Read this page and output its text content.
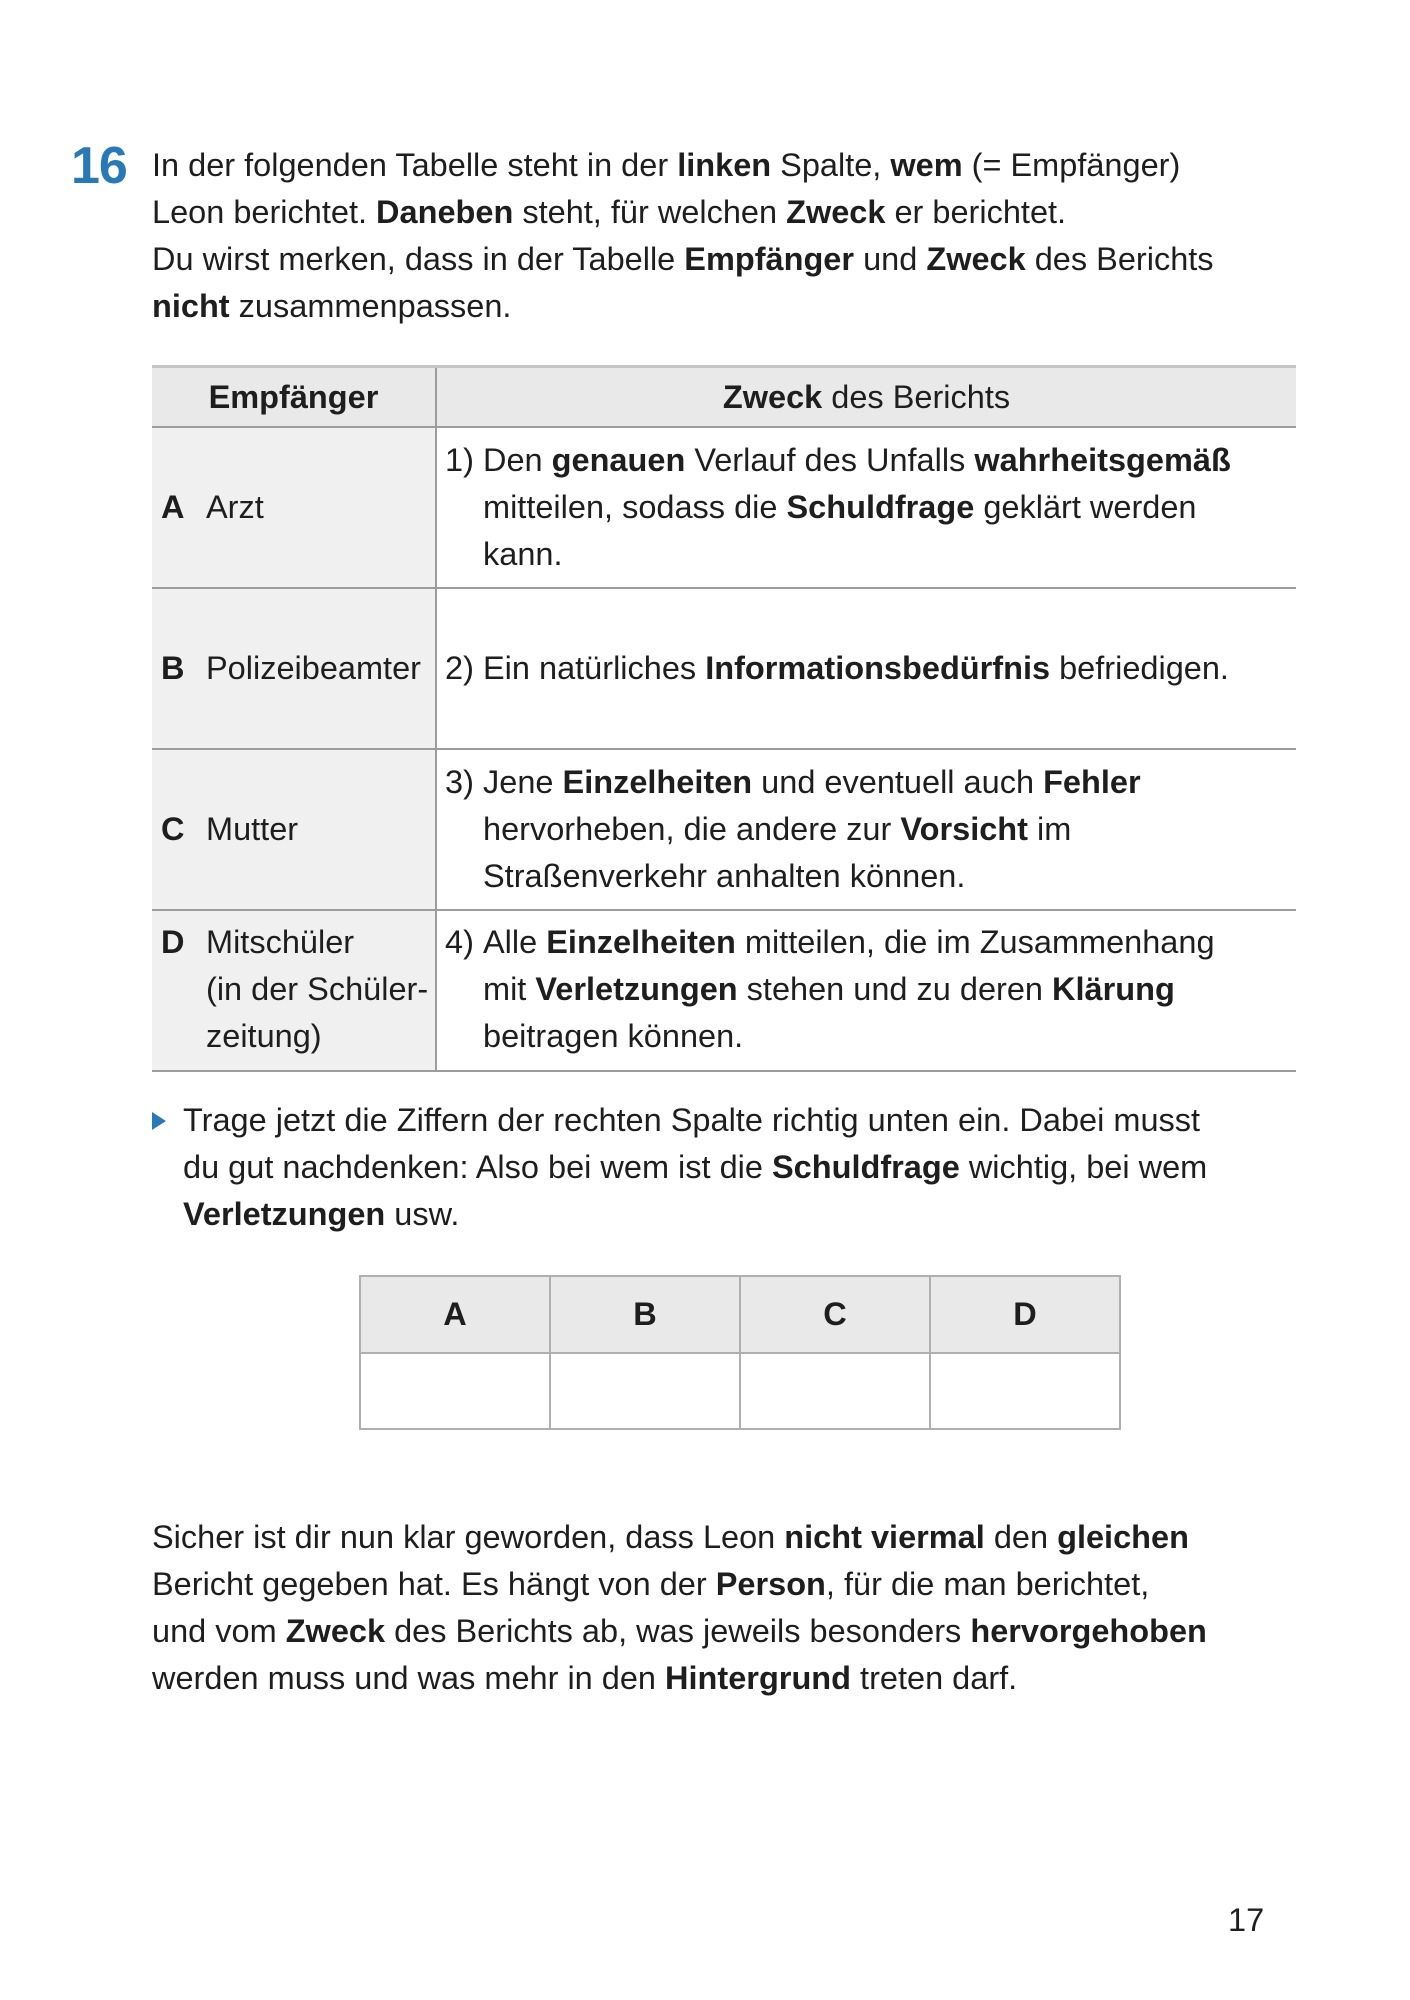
16 In der folgenden Tabelle steht in der linken Spalte, wem (= Empfänger)
Leon berichtet. Daneben steht, für welchen Zweck er berichtet.
Du wirst merken, dass in der Tabelle Empfänger und Zweck des Berichts
nicht zusammenpassen.
Empfänger	Zweck des Berichts

A Arzt	1) Den genauen Verlauf des Unfalls wahrheitsgemäß
mitteilen, sodass die Schuldfrage geklärt werden
kann.

B Polizeibeamter	2) Ein natürliches Informationsbedürfnis befriedigen.

C Mutter	3) Jene Einzelheiten und eventuell auch Fehler
hervorheben, die andere zur Vorsicht im
Straßenverkehr anhalten können.

D Mitschüler
(in der Schüler-
zeitung)	4) Alle Einzelheiten mitteilen, die im Zusammenhang
mit Verletzungen stehen und zu deren Klärung
beitragen können.
Trage jetzt die Ziffern der rechten Spalte richtig unten ein. Dabei musst
du gut nachdenken: Also bei wem ist die Schuldfrage wichtig, bei wem
Verletzungen usw.
A	B	C	D

Sicher ist dir nun klar geworden, dass Leon nicht viermal den gleichen
Bericht gegeben hat. Es hängt von der Person, für die man berichtet,
und vom Zweck des Berichts ab, was jeweils besonders hervorgehoben
werden muss und was mehr in den Hintergrund treten darf.
17
